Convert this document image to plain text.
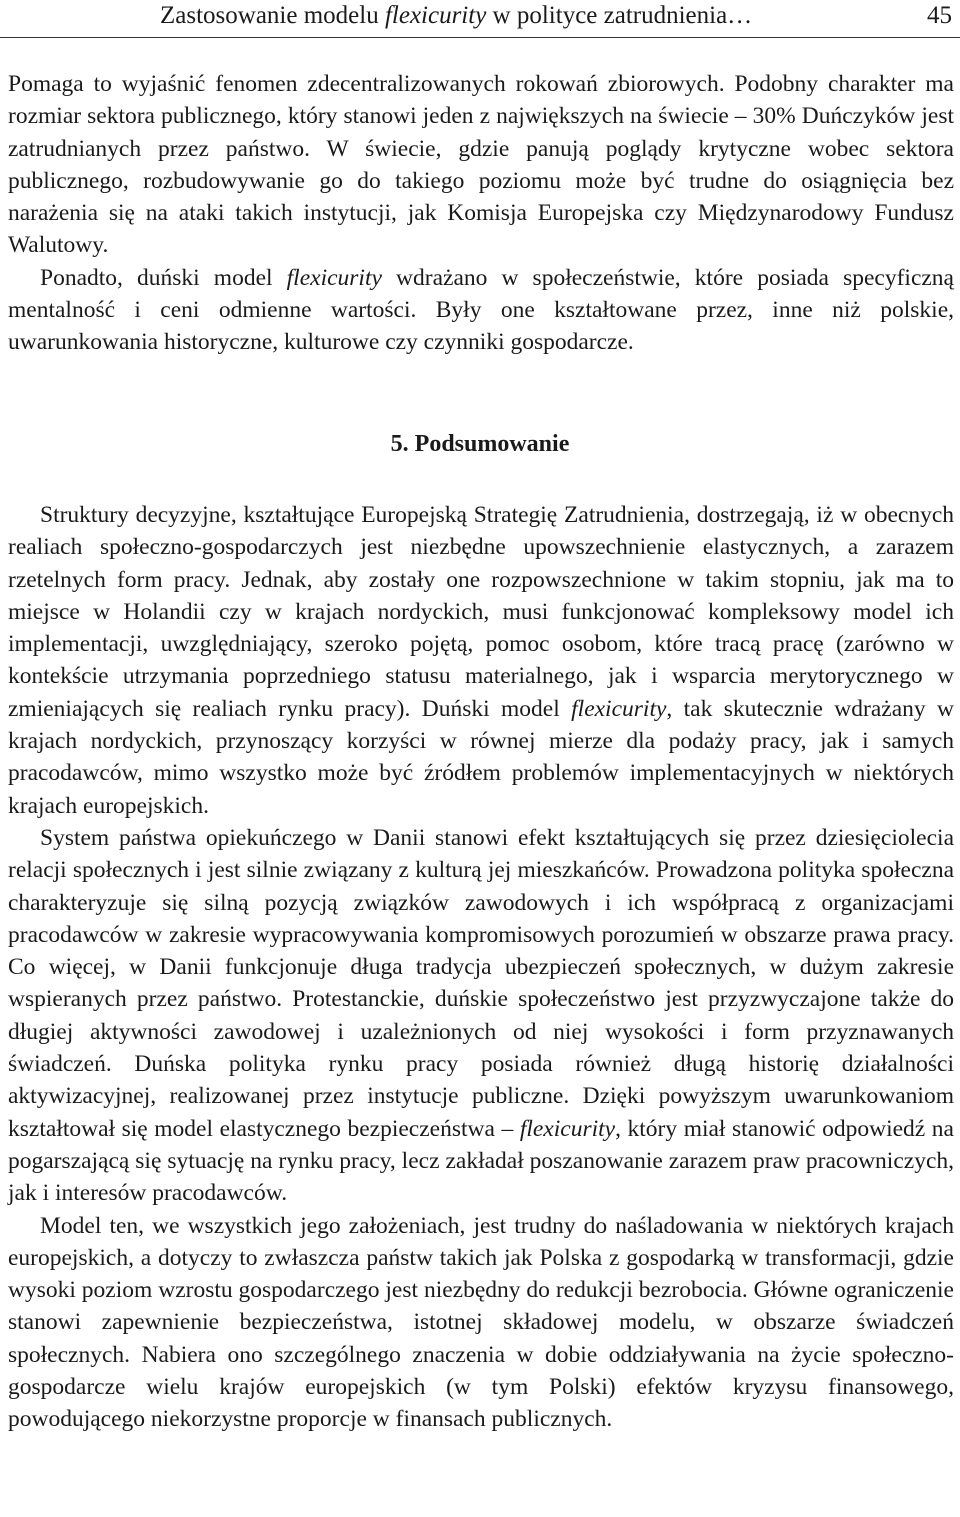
Zastosowanie modelu flexicurity w polityce zatrudnienia…	45

Pomaga to wyjaśnić fenomen zdecentralizowanych rokowań zbiorowych. Podobny charakter ma rozmiar sektora publicznego, który stanowi jeden z największych na świecie – 30% Duńczyków jest zatrudnianych przez państwo. W świecie, gdzie panują poglądy krytyczne wobec sektora publicznego, rozbudowywanie go do takiego poziomu może być trudne do osiągnięcia bez narażenia się na ataki takich instytucji, jak Komisja Europejska czy Międzynarodowy Fundusz Walutowy.

Ponadto, duński model flexicurity wdrażano w społeczeństwie, które posiada specyficzną mentalność i ceni odmienne wartości. Były one kształtowane przez, inne niż polskie, uwarunkowania historyczne, kulturowe czy czynniki gospodarcze.

5. Podsumowanie

Struktury decyzyjne, kształtujące Europejską Strategię Zatrudnienia, dostrzegają, iż w obecnych realiach społeczno-gospodarczych jest niezbędne upowszechnienie elastycznych, a zarazem rzetelnych form pracy. Jednak, aby zostały one rozpowszechnione w takim stopniu, jak ma to miejsce w Holandii czy w krajach nordyckich, musi funkcjonować kompleksowy model ich implementacji, uwzględniający, szeroko pojętą, pomoc osobom, które tracą pracę (zarówno w kontekście utrzymania poprzedniego statusu materialnego, jak i wsparcia merytorycznego w zmieniających się realiach rynku pracy). Duński model flexicurity, tak skutecznie wdrażany w krajach nordyckich, przynoszący korzyści w równej mierze dla podaży pracy, jak i samych pracodawców, mimo wszystko może być źródłem problemów implementacyjnych w niektórych krajach europejskich.

System państwa opiekuńczego w Danii stanowi efekt kształtujących się przez dziesięciolecia relacji społecznych i jest silnie związany z kulturą jej mieszkańców. Prowadzona polityka społeczna charakteryzuje się silną pozycją związków zawodowych i ich współpracą z organizacjami pracodawców w zakresie wypracowywania kompromisowych porozumień w obszarze prawa pracy. Co więcej, w Danii funkcjonuje długa tradycja ubezpieczeń społecznych, w dużym zakresie wspieranych przez państwo. Protestanckie, duńskie społeczeństwo jest przyzwyczajone także do długiej aktywności zawodowej i uzależnionych od niej wysokości i form przyznawanych świadczeń. Duńska polityka rynku pracy posiada również długą historię działalności aktywizacyjnej, realizowanej przez instytucje publiczne. Dzięki powyższym uwarunkowaniom kształtował się model elastycznego bezpieczeństwa – flexicurity, który miał stanowić odpowiedź na pogarszającą się sytuację na rynku pracy, lecz zakładał poszanowanie zarazem praw pracowniczych, jak i interesów pracodawców.

Model ten, we wszystkich jego założeniach, jest trudny do naśladowania w niektórych krajach europejskich, a dotyczy to zwłaszcza państw takich jak Polska z gospodarką w transformacji, gdzie wysoki poziom wzrostu gospodarczego jest niezbędny do redukcji bezrobocia. Główne ograniczenie stanowi zapewnienie bezpieczeństwa, istotnej składowej modelu, w obszarze świadczeń społecznych. Nabiera ono szczególnego znaczenia w dobie oddziaływania na życie społeczno-gospodarcze wielu krajów europejskich (w tym Polski) efektów kryzysu finansowego, powodującego niekorzystne proporcje w finansach publicznych.
